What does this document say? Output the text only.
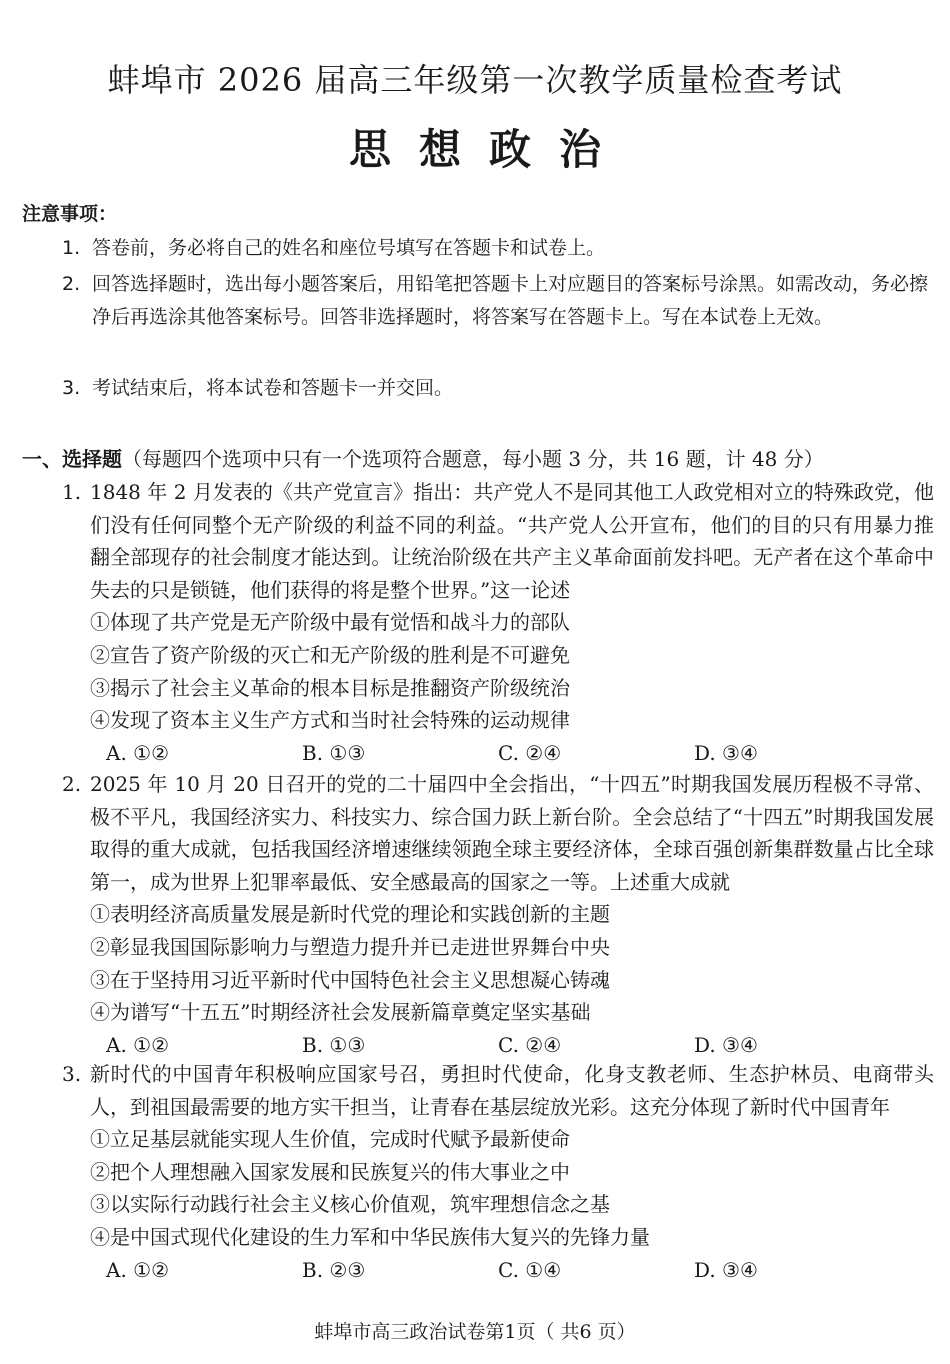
蚌埠市 2026 届高三年级第一次教学质量检查考试
思想政治
注意事项：
1. 答卷前，务必将自己的姓名和座位号填写在答题卡和试卷上。
2. 回答选择题时，选出每小题答案后，用铅笔把答题卡上对应题目的答案标号涂黑。如需改动，务必擦净后再选涂其他答案标号。回答非选择题时，将答案写在答题卡上。写在本试卷上无效。
3. 考试结束后，将本试卷和答题卡一并交回。
一、选择题（每题四个选项中只有一个选项符合题意，每小题 3 分，共 16 题，计 48 分）
1. 1848 年 2 月发表的《共产党宣言》指出：共产党人不是同其他工人政党相对立的特殊政党，他们没有任何同整个无产阶级的利益不同的利益。“共产党人公开宣布，他们的目的只有用暴力推翻全部现存的社会制度才能达到。让统治阶级在共产主义革命面前发抖吧。无产者在这个革命中失去的只是锁链，他们获得的将是整个世界。”这一论述
①体现了共产党是无产阶级中最有觉悟和战斗力的部队
②宣告了资产阶级的灭亡和无产阶级的胜利是不可避免
③揭示了社会主义革命的根本目标是推翻资产阶级统治
④发现了资本主义生产方式和当时社会特殊的运动规律
A. ①②	B. ①③	C. ②④	D. ③④
2. 2025 年 10 月 20 日召开的党的二十届四中全会指出，“十四五”时期我国发展历程极不寻常、极不平凡，我国经济实力、科技实力、综合国力跃上新台阶。全会总结了“十四五”时期我国发展取得的重大成就，包括我国经济增速继续领跑全球主要经济体，全球百强创新集群数量占比全球第一，成为世界上犯罪率最低、安全感最高的国家之一等。上述重大成就
①表明经济高质量发展是新时代党的理论和实践创新的主题
②彰显我国国际影响力与塑造力提升并已走进世界舞台中央
③在于坚持用习近平新时代中国特色社会主义思想凝心铸魂
④为谱写“十五五”时期经济社会发展新篇章奠定坚实基础
A. ①②	B. ①③	C. ②④	D. ③④
3. 新时代的中国青年积极响应国家号召，勇担时代使命，化身支教老师、生态护林员、电商带头人，到祖国最需要的地方实干担当，让青春在基层绽放光彩。这充分体现了新时代中国青年
①立足基层就能实现人生价值，完成时代赋予最新使命
②把个人理想融入国家发展和民族复兴的伟大事业之中
③以实际行动践行社会主义核心价值观，筑牢理想信念之基
④是中国式现代化建设的生力军和中华民族伟大复兴的先锋力量
A. ①②	B. ②③	C. ①④	D. ③④
蚌埠市高三政治试卷第1页（ 共6 页）
